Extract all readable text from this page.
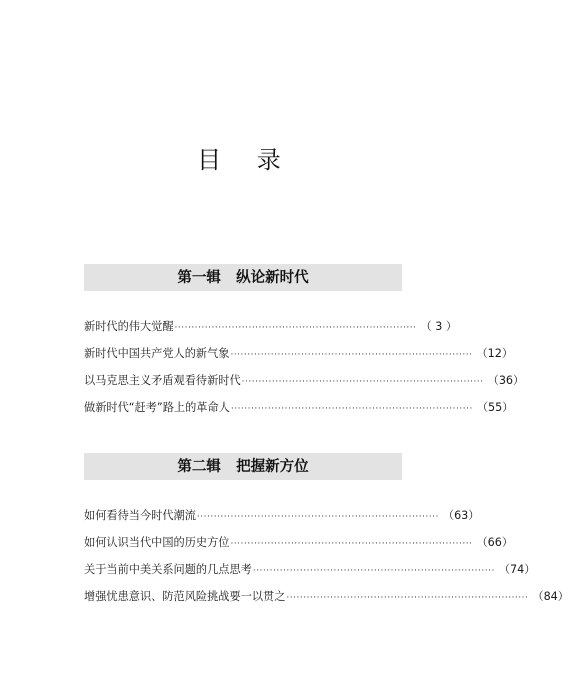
目 录
第一辑   纵论新时代
新时代的伟大觉醒 ········································································ （ 3 ）
新时代中国共产党人的新气象 ········································································ （12）
以马克思主义矛盾观看待新时代 ········································································ （36）
做新时代“赶考”路上的革命人 ········································································ （55）
第二辑   把握新方位
如何看待当今时代潮流 ········································································ （63）
如何认识当代中国的历史方位 ········································································ （66）
关于当前中美关系问题的几点思考 ········································································ （74）
增强忧患意识、防范风险挑战要一以贯之 ········································································ （84）
